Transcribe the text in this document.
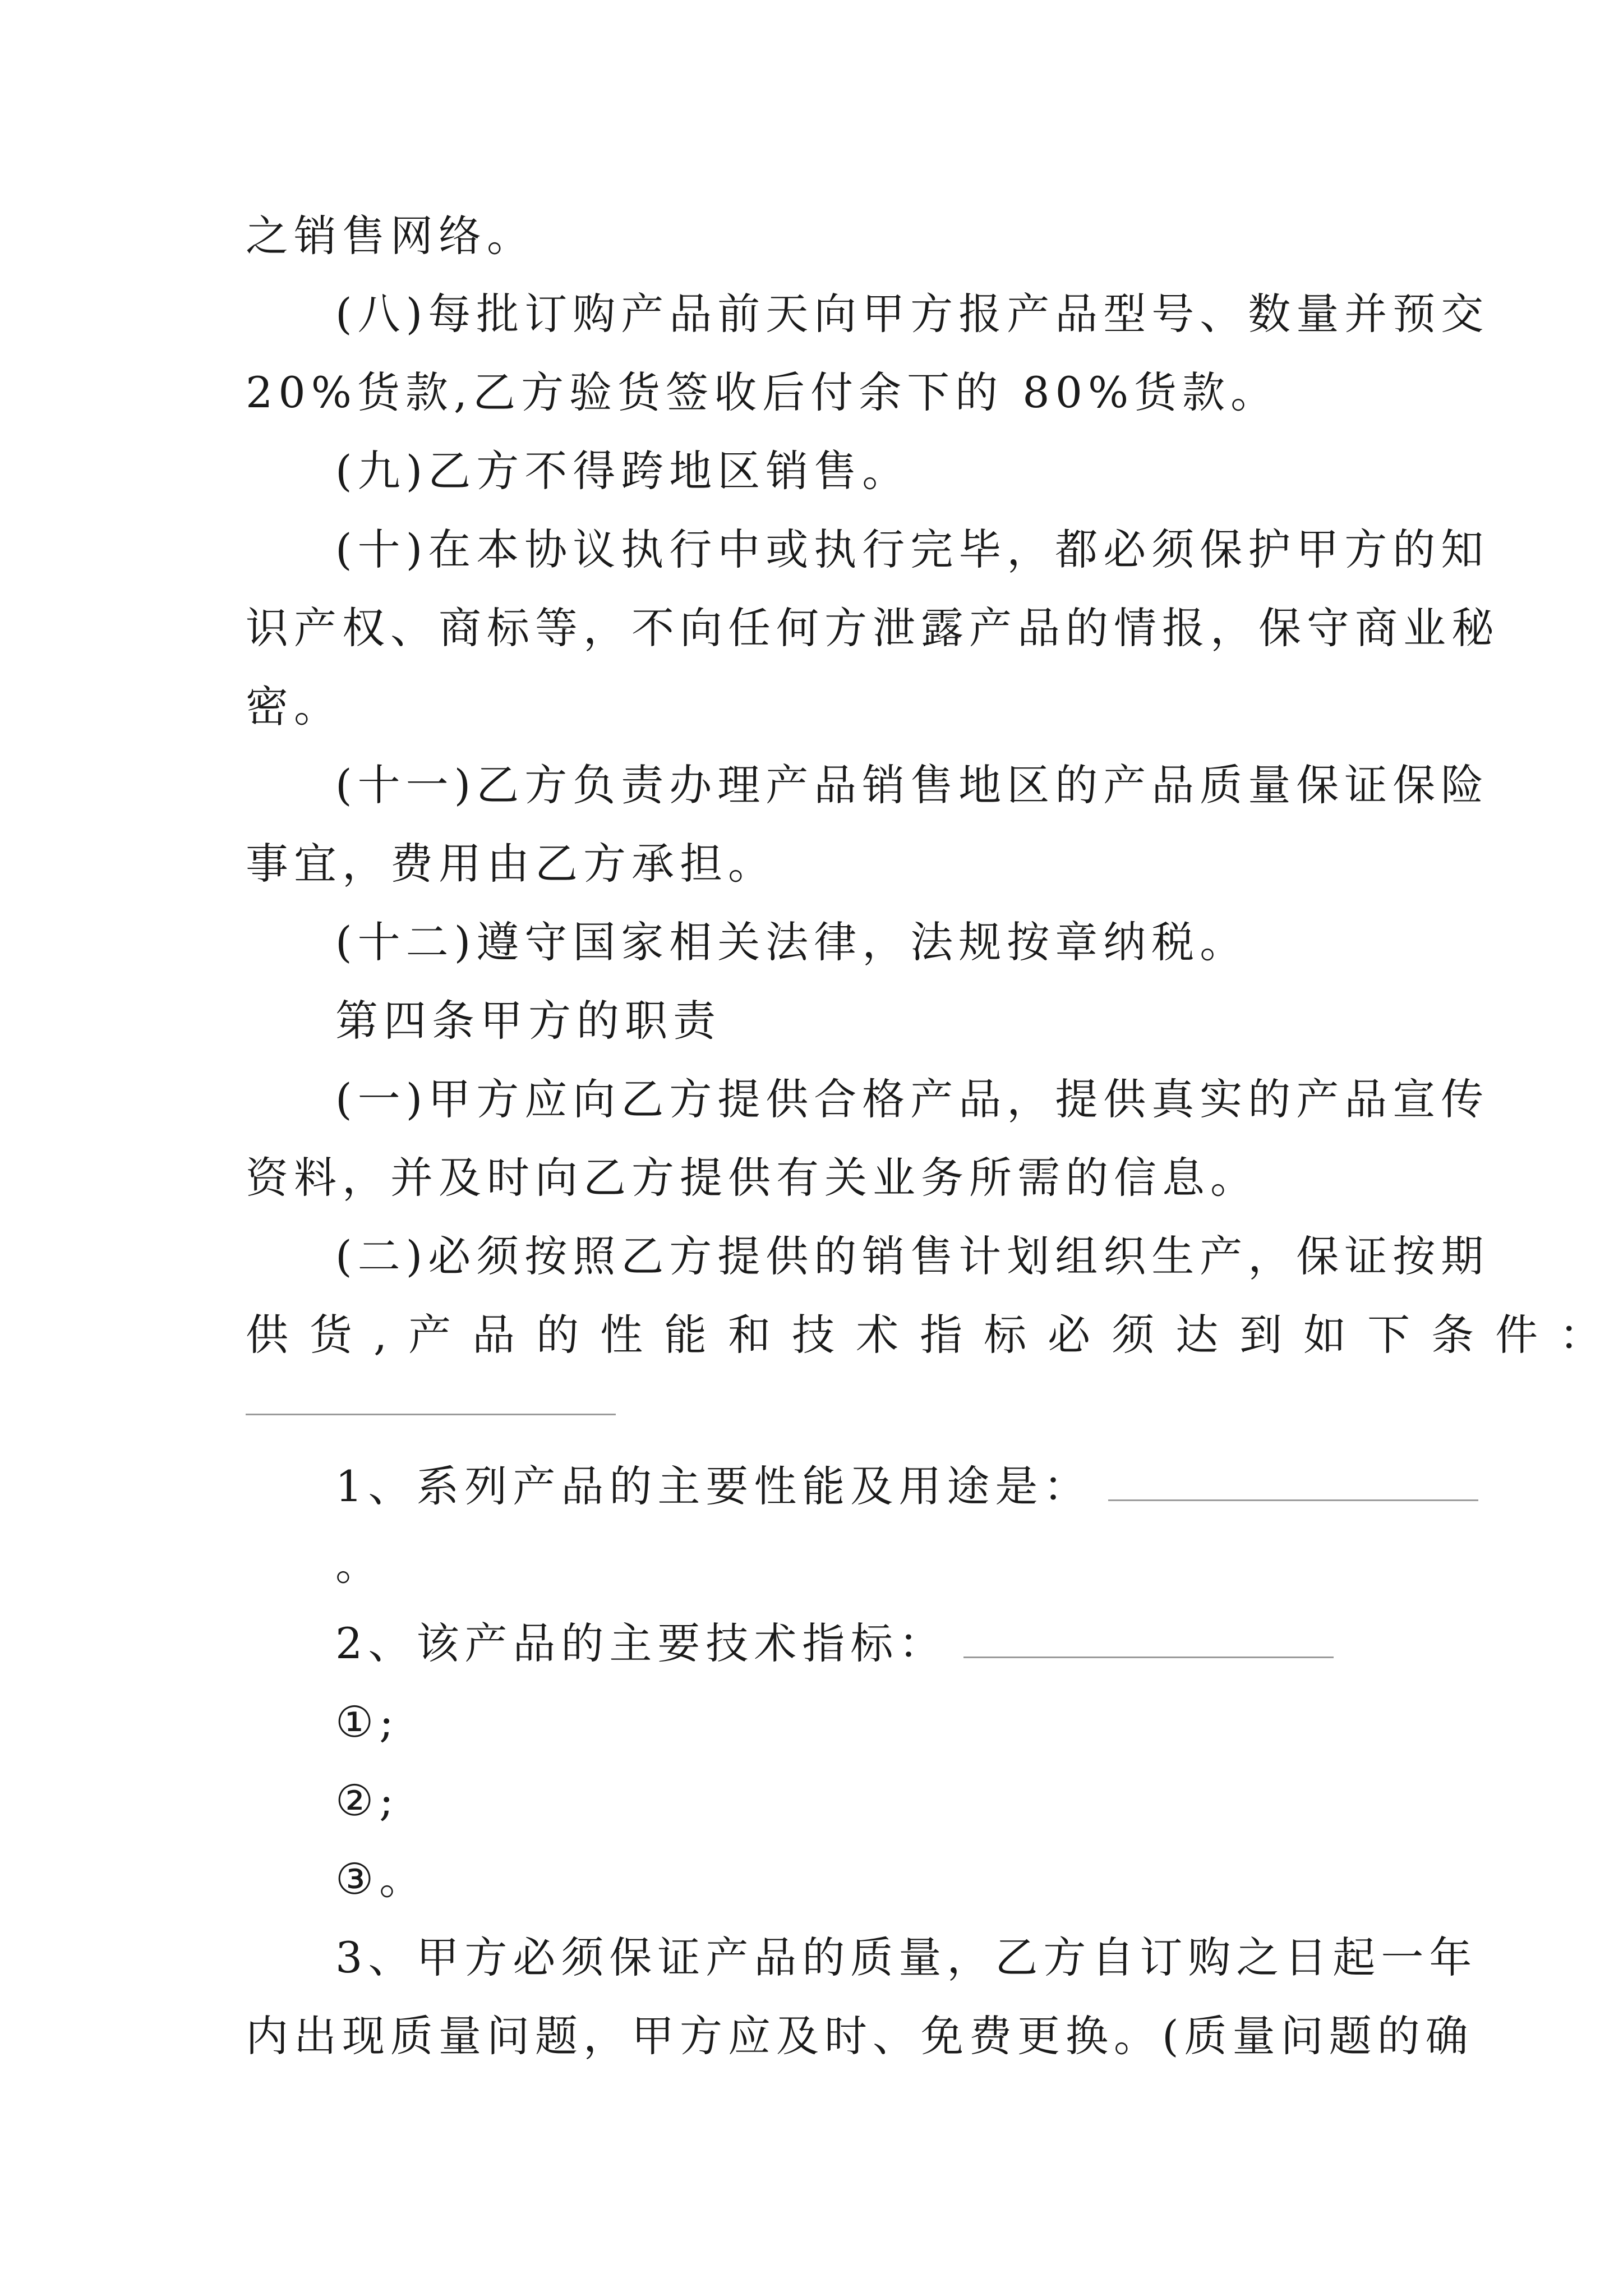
之销售网络。
(八)每批订购产品前天向甲方报产品型号、数量并预交
20%货款,乙方验货签收后付余下的 80%货款。
(九)乙方不得跨地区销售。
(十)在本协议执行中或执行完毕，都必须保护甲方的知
识产权、商标等，不向任何方泄露产品的情报，保守商业秘
密。
(十一)乙方负责办理产品销售地区的产品质量保证保险
事宜，费用由乙方承担。
(十二)遵守国家相关法律，法规按章纳税。
第四条甲方的职责
(一)甲方应向乙方提供合格产品，提供真实的产品宣传
资料，并及时向乙方提供有关业务所需的信息。
(二)必须按照乙方提供的销售计划组织生产，保证按期
供货,产品的性能和技术指标必须达到如下条件：
1、系列产品的主要性能及用途是：
。
2、该产品的主要技术指标：
①;
②;
③。
3、甲方必须保证产品的质量，乙方自订购之日起一年
内出现质量问题，甲方应及时、免费更换。(质量问题的确
